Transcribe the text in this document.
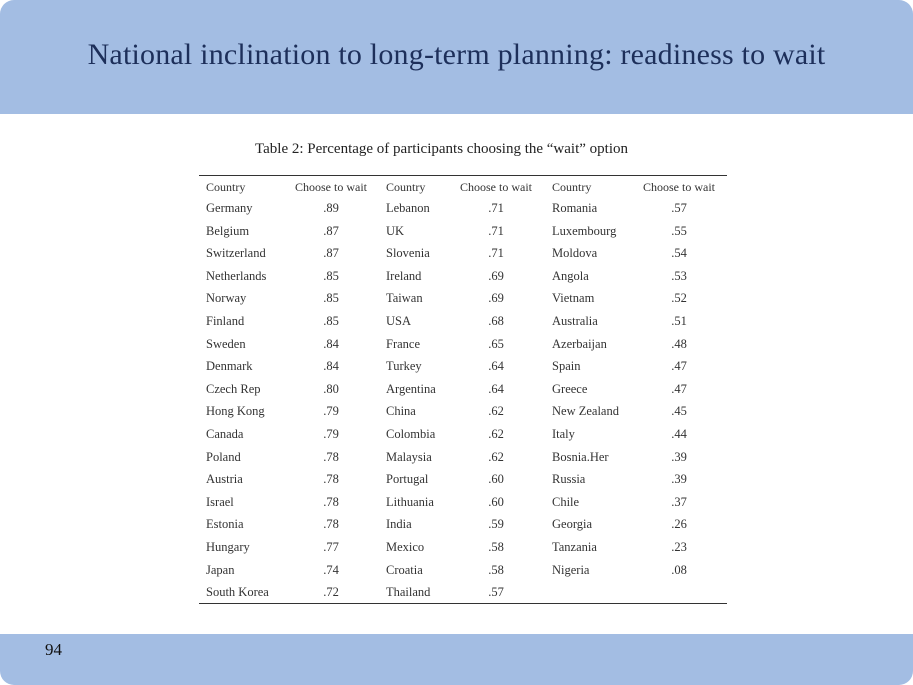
National inclination to long-term planning: readiness to wait
Table 2: Percentage of participants choosing the “wait” option
Country	Choose to wait	Country	Choose to wait	Country	Choose to wait
Germany	.89	Lebanon	.71	Romania	.57
Belgium	.87	UK	.71	Luxembourg	.55
Switzerland	.87	Slovenia	.71	Moldova	.54
Netherlands	.85	Ireland	.69	Angola	.53
Norway	.85	Taiwan	.69	Vietnam	.52
Finland	.85	USA	.68	Australia	.51
Sweden	.84	France	.65	Azerbaijan	.48
Denmark	.84	Turkey	.64	Spain	.47
Czech Rep	.80	Argentina	.64	Greece	.47
Hong Kong	.79	China	.62	New Zealand	.45
Canada	.79	Colombia	.62	Italy	.44
Poland	.78	Malaysia	.62	Bosnia.Her	.39
Austria	.78	Portugal	.60	Russia	.39
Israel	.78	Lithuania	.60	Chile	.37
Estonia	.78	India	.59	Georgia	.26
Hungary	.77	Mexico	.58	Tanzania	.23
Japan	.74	Croatia	.58	Nigeria	.08
South Korea	.72	Thailand	.57
94
